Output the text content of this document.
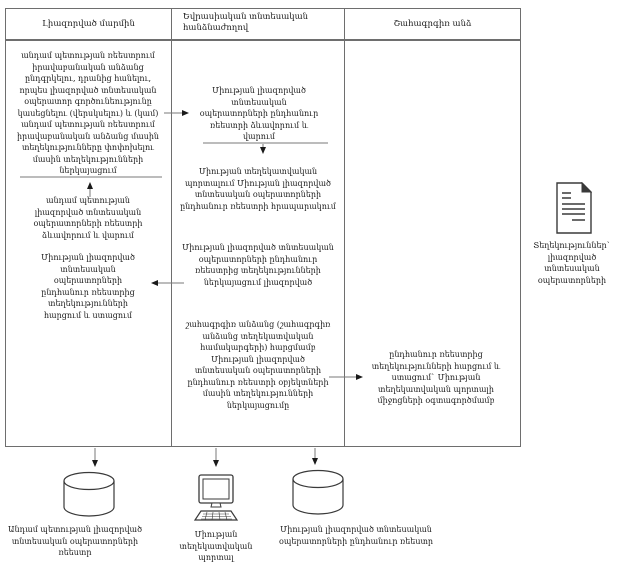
Լիազորված մարմին
Եվրասիական տնտեսական հանձնաժողով	Շահագրգիռ անձ
անդամ պետության ռեեստրում իրավաբանական անձանց ընդգրկելու, դրանից հանելու, որպես լիազորված տնտեսական օպերատոր գործունեությունը կասեցնելու (վերսկսելու) և (կամ) անդամ պետության ռեեստրում իրավաբանական անձանց մասին տեղեկությունները փոփոխելու մասին տեղեկությունների ներկայացում
անդամ պետության լիազորված տնտեսական օպերատորների ռեեստրի ձևավորում և վարում
Միության լիազորված տնտեսական օպերատորների ընդհանուր ռեեստրից տեղեկությունների հարցում և ստացում
Միության լիազորված տնտեսական օպերատորների ընդհանուր ռեեստրի ձևավորում և վարում
Միության տեղեկատվական պորտալում Միության լիազորված տնտեսական օպերատորների ընդհանուր ռեեստրի հրապարակում
Միության լիազորված տնտեսական օպերատորների ընդհանուր ռեեստրից տեղեկությունների ներկայացում լիազորված
շահագրգիռ անձանց (շահագրգիռ անձանց տեղեկատվական համակարգերի) հարցմամբ Միության լիազորված տնտեսական օպերատորների ընդհանուր ռեեստրի օբյեկտների մասին տեղեկությունների ներկայացումը
ընդհանուր ռեեստրից տեղեկությունների հարցում և ստացում` Միության տեղեկատվական պորտալի միջոցների օգտագործմամբ
Անդամ պետության լիազորված տնտեսական օպերատորների ռեեստր
Միության տեղեկատվական պորտալ
Միության լիազորված տնտեսական օպերատորների ընդհանուր ռեեստր
Տեղեկություններ` լիազորված տնտեսական օպերատորների
